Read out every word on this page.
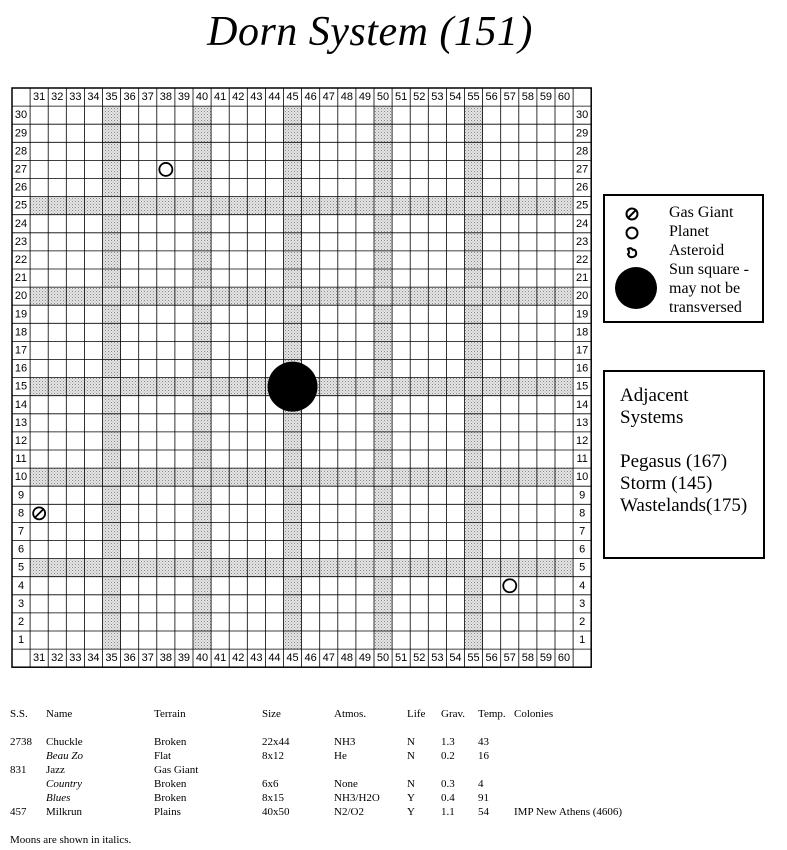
Dorn System (151)
31
31
32
32
33
33
34
34
35
35
36
36
37
37
38
38
39
39
40
40
41
41
42
42
43
43
44
44
45
45
46
46
47
47
48
48
49
49
50
50
51
51
52
52
53
53
54
54
55
55
56
56
57
57
58
58
59
59
60
60
30	30
29	29
28	28
27	27
26	26
25	25
24	24
23	23
22	22
21	21
20	20
19	19
18	18
17	17
16	16
15	15
14	14
13	13
12	12
11	11
10	10
9	9
8	8
7	7
6	6
5	5
4	4
3	3
2	2
1	1
Gas Giant
Planet
Asteroid
Sun square -
may not be
transversed
Adjacent
Systems
Pegasus (167)
Storm (145)
Wastelands(175)
S.S. Name	Terrain	Size	Atmos.	Life Grav. Temp. Colonies
2738 Chuckle	Broken	22x44	NH3	N 1.3 43
Beau Zo	Flat	8x12	He	N 0.2 16
831 Jazz	Gas Giant
Country	Broken	6x6	None	N 0.3 4
Blues	Broken	8x15	NH3/H2O Y 0.4 91
457 Milkrun	Plains	40x50	N2/O2	Y 1.1 54 IMP New Athens (4606)
Moons are shown in italics.
